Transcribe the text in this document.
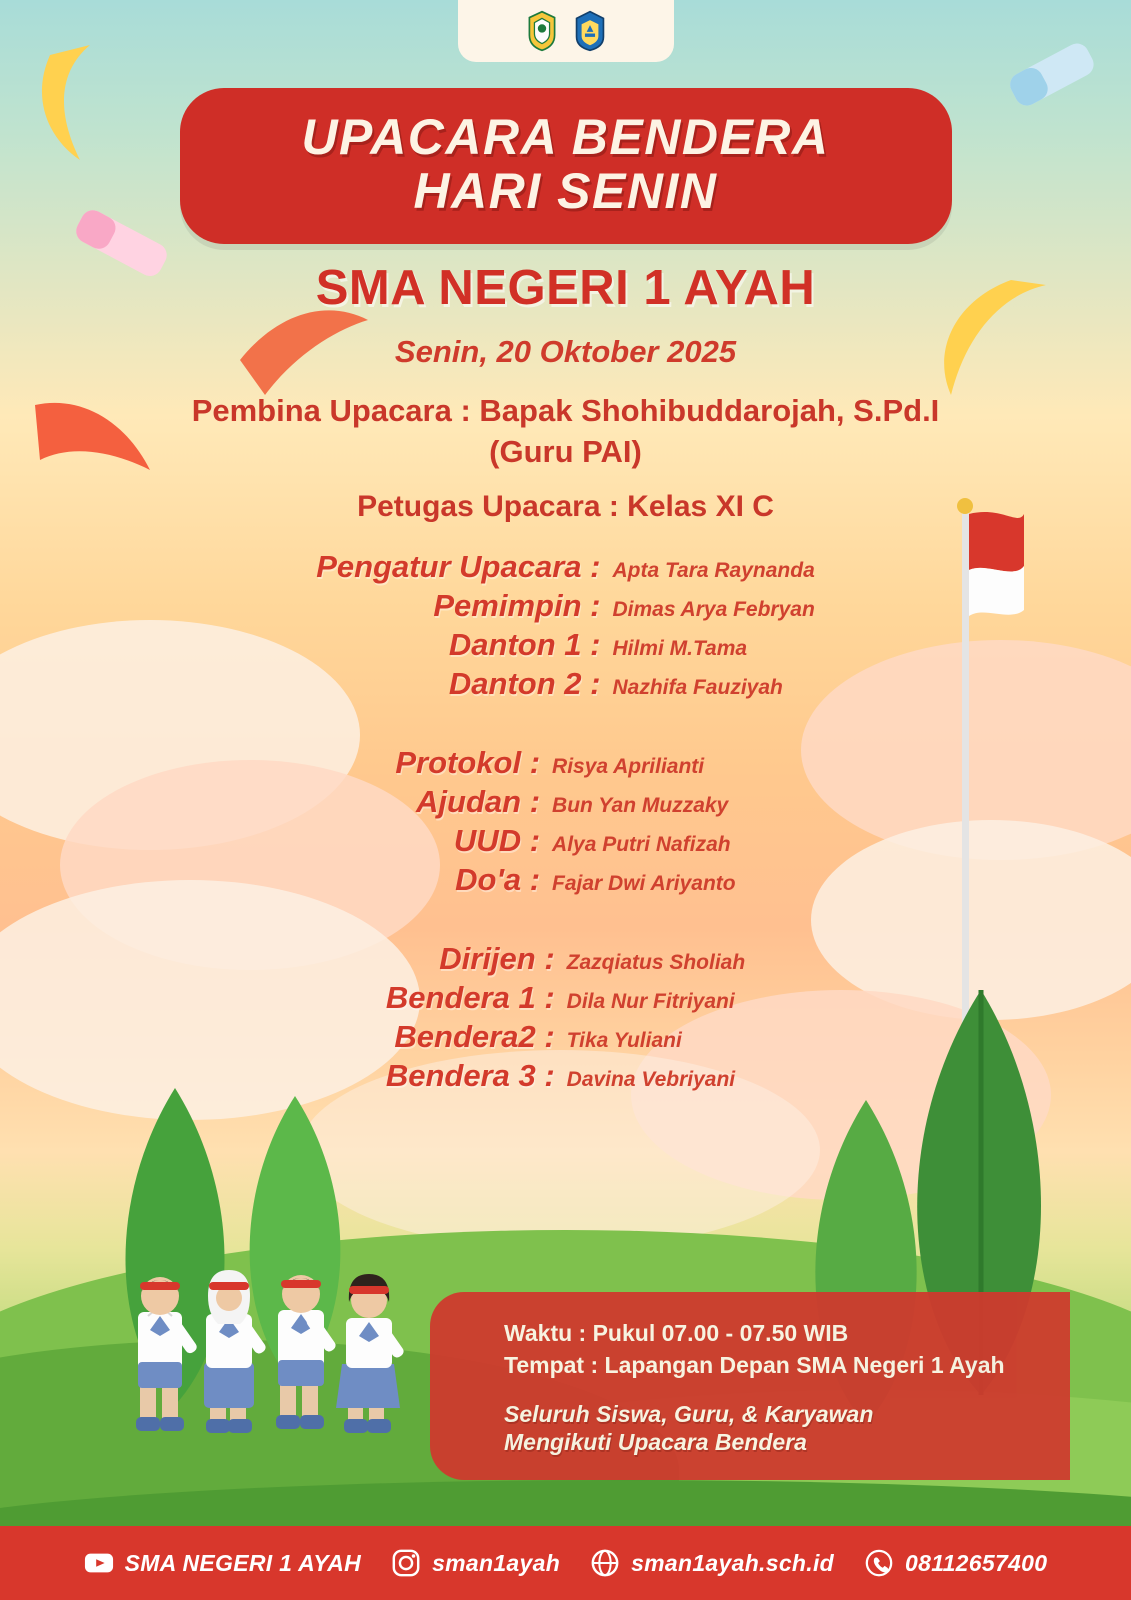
UPACARA BENDERA
HARI SENIN
SMA NEGERI 1 AYAH
Senin, 20 Oktober 2025
Pembina Upacara : Bapak Shohibuddarojah, S.Pd.I
(Guru PAI)
Petugas Upacara : Kelas XI C
Pengatur Upacara :	Apta Tara Raynanda
Pemimpin :	Dimas Arya Febryan
Danton 1 :	Hilmi M.Tama
Danton 2 :	Nazhifa Fauziyah
Protokol :	Risya Aprilianti
Ajudan :	Bun Yan Muzzaky
UUD :	Alya Putri Nafizah
Do'a :	Fajar Dwi Ariyanto
Dirijen :	Zazqiatus Sholiah
Bendera 1 :	Dila Nur Fitriyani
Bendera2 :	Tika Yuliani
Bendera 3 :	Davina Vebriyani
Waktu : Pukul 07.00 - 07.50 WIB
Tempat : Lapangan Depan SMA Negeri 1 Ayah
Seluruh Siswa, Guru, & Karyawan
Mengikuti Upacara Bendera
SMA NEGERI 1 AYAH	sman1ayah	sman1ayah.sch.id	08112657400
